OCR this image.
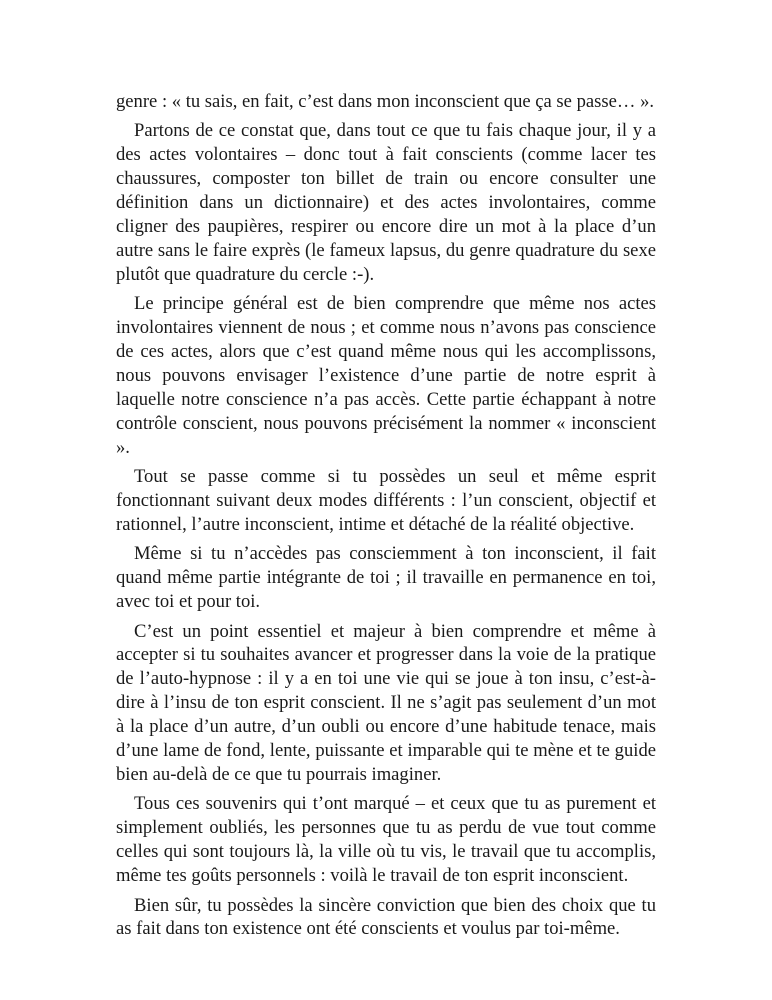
genre : « tu sais, en fait, c’est dans mon inconscient que ça se passe… ».

Partons de ce constat que, dans tout ce que tu fais chaque jour, il y a des actes volontaires – donc tout à fait conscients (comme lacer tes chaussures, composter ton billet de train ou encore consulter une définition dans un dictionnaire) et des actes involontaires, comme cligner des paupières, respirer ou encore dire un mot à la place d’un autre sans le faire exprès (le fameux lapsus, du genre quadrature du sexe plutôt que quadrature du cercle :-).

Le principe général est de bien comprendre que même nos actes involontaires viennent de nous ; et comme nous n’avons pas conscience de ces actes, alors que c’est quand même nous qui les accomplissons, nous pouvons envisager l’existence d’une partie de notre esprit à laquelle notre conscience n’a pas accès. Cette partie échappant à notre contrôle conscient, nous pouvons précisément la nommer « inconscient ».

Tout se passe comme si tu possèdes un seul et même esprit fonctionnant suivant deux modes différents : l’un conscient, objectif et rationnel, l’autre inconscient, intime et détaché de la réalité objective.

Même si tu n’accèdes pas consciemment à ton inconscient, il fait quand même partie intégrante de toi ; il travaille en permanence en toi, avec toi et pour toi.

C’est un point essentiel et majeur à bien comprendre et même à accepter si tu souhaites avancer et progresser dans la voie de la pratique de l’auto-hypnose : il y a en toi une vie qui se joue à ton insu, c’est-à-dire à l’insu de ton esprit conscient. Il ne s’agit pas seulement d’un mot à la place d’un autre, d’un oubli ou encore d’une habitude tenace, mais d’une lame de fond, lente, puissante et imparable qui te mène et te guide bien au-delà de ce que tu pourrais imaginer.

Tous ces souvenirs qui t’ont marqué – et ceux que tu as purement et simplement oubliés, les personnes que tu as perdu de vue tout comme celles qui sont toujours là, la ville où tu vis, le travail que tu accomplis, même tes goûts personnels : voilà le travail de ton esprit inconscient.

Bien sûr, tu possèdes la sincère conviction que bien des choix que tu as fait dans ton existence ont été conscients et voulus par toi-même.
